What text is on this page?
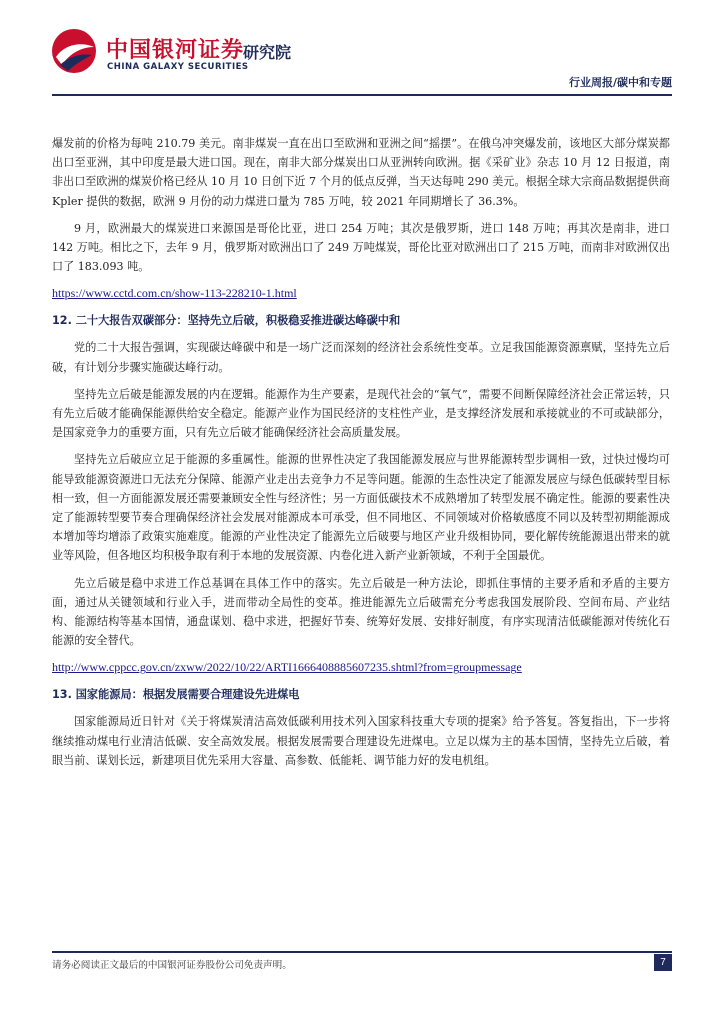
中国银河证券
CHINA GALAXY SECURITIES
研究院
行业周报/碳中和专题

爆发前的价格为每吨 210.79 美元。南非煤炭一直在出口至欧洲和亚洲之间“摇摆”。在俄乌冲突爆发前，该地区大部分煤炭都出口至亚洲，其中印度是最大进口国。现在，南非大部分煤炭出口从亚洲转向欧洲。据《采矿业》杂志 10 月 12 日报道，南非出口至欧洲的煤炭价格已经从 10 月 10 日创下近 7 个月的低点反弹，当天达每吨 290 美元。根据全球大宗商品数据提供商 Kpler 提供的数据，欧洲 9 月份的动力煤进口量为 785 万吨，较 2021 年同期增长了 36.3%。

9 月，欧洲最大的煤炭进口来源国是哥伦比亚，进口 254 万吨；其次是俄罗斯，进口 148 万吨；再其次是南非，进口 142 万吨。相比之下，去年 9 月，俄罗斯对欧洲出口了 249 万吨煤炭，哥伦比亚对欧洲出口了 215 万吨，而南非对欧洲仅出口了 183.093 吨。

https://www.cctd.com.cn/show-113-228210-1.html
12. 二十大报告双碳部分：坚持先立后破，积极稳妥推进碳达峰碳中和

党的二十大报告强调，实现碳达峰碳中和是一场广泛而深刻的经济社会系统性变革。立足我国能源资源禀赋，坚持先立后破，有计划分步骤实施碳达峰行动。

坚持先立后破是能源发展的内在逻辑。能源作为生产要素，是现代社会的“氧气”，需要不间断保障经济社会正常运转，只有先立后破才能确保能源供给安全稳定。能源产业作为国民经济的支柱性产业，是支撑经济发展和承接就业的不可或缺部分，是国家竞争力的重要方面，只有先立后破才能确保经济社会高质量发展。

坚持先立后破应立足于能源的多重属性。能源的世界性决定了我国能源发展应与世界能源转型步调相一致，过快过慢均可能导致能源资源进口无法充分保障、能源产业走出去竞争力不足等问题。能源的生态性决定了能源发展应与绿色低碳转型目标相一致，但一方面能源发展还需要兼顾安全性与经济性；另一方面低碳技术不成熟增加了转型发展不确定性。能源的要素性决定了能源转型要节奏合理确保经济社会发展对能源成本可承受，但不同地区、不同领域对价格敏感度不同以及转型初期能源成本增加等均增添了政策实施难度。能源的产业性决定了能源先立后破要与地区产业升级相协同，要化解传统能源退出带来的就业等风险，但各地区均积极争取有利于本地的发展资源、内卷化进入新产业新领域，不利于全国最优。

先立后破是稳中求进工作总基调在具体工作中的落实。先立后破是一种方法论，即抓住事情的主要矛盾和矛盾的主要方面，通过从关键领域和行业入手，进而带动全局性的变革。推进能源先立后破需充分考虑我国发展阶段、空间布局、产业结构、能源结构等基本国情，通盘谋划、稳中求进，把握好节奏、统筹好发展、安排好制度，有序实现清洁低碳能源对传统化石能源的安全替代。

http://www.cppcc.gov.cn/zxww/2022/10/22/ARTI1666408885607235.shtml?from=groupmessage
13. 国家能源局：根据发展需要合理建设先进煤电

国家能源局近日针对《关于将煤炭清洁高效低碳利用技术列入国家科技重大专项的提案》给予答复。答复指出，下一步将继续推动煤电行业清洁低碳、安全高效发展。根据发展需要合理建设先进煤电。立足以煤为主的基本国情，坚持先立后破，着眼当前、谋划长远，新建项目优先采用大容量、高参数、低能耗、调节能力好的发电机组。

请务必阅读正文最后的中国银河证券股份公司免责声明。	7
